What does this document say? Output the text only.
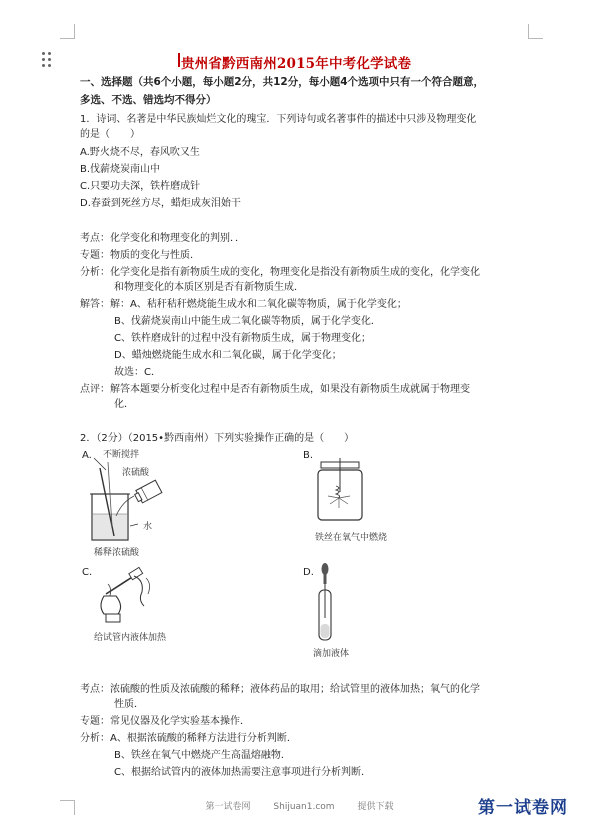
贵州省黔西南州2015年中考化学试卷
一、选择题（共6个小题，每小题2分，共12分，每小题4个选项中只有一个符合题意，
多选、不选、错选均不得分）
1．诗词、名著是中华民族灿烂文化的瑰宝．下列诗句或名著事件的描述中只涉及物理变化
的是（　　）
A.野火烧不尽，春风吹又生
B.伐薪烧炭南山中
C.只要功夫深，铁杵磨成针
D.春蚕到死丝方尽，蜡炬成灰泪始干
考点：化学变化和物理变化的判别．．
专题：物质的变化与性质．
分析：化学变化是指有新物质生成的变化，物理变化是指没有新物质生成的变化，化学变化
和物理变化的本质区别是否有新物质生成．
解答：解：A、秸秆秸秆燃烧能生成水和二氧化碳等物质，属于化学变化；
B、伐薪烧炭南山中能生成二氧化碳等物质，属于化学变化．
C、铁杵磨成针的过程中没有新物质生成，属于物理变化；
D、蜡烛燃烧能生成水和二氧化碳，属于化学变化；
故选：C．
点评：解答本题要分析变化过程中是否有新物质生成，如果没有新物质生成就属于物理变
化．
2．（2分）（2015•黔西南州）下列实验操作正确的是（　　）
A. 不断搅拌
浓硫酸
水
稀释浓硫酸
B.
铁丝在氧气中燃烧
C.
给试管内液体加热
D.
滴加液体
考点：浓硫酸的性质及浓硫酸的稀释；液体药品的取用；给试管里的液体加热；氧气的化学
性质．
专题：常见仪器及化学实验基本操作．
分析：A、根据浓硫酸的稀释方法进行分析判断．
B、铁丝在氧气中燃烧产生高温熔融物．
C、根据给试管内的液体加热需要注意事项进行分析判断．
第一试卷网	Shijuan1.com	提供下载	第一试卷网
